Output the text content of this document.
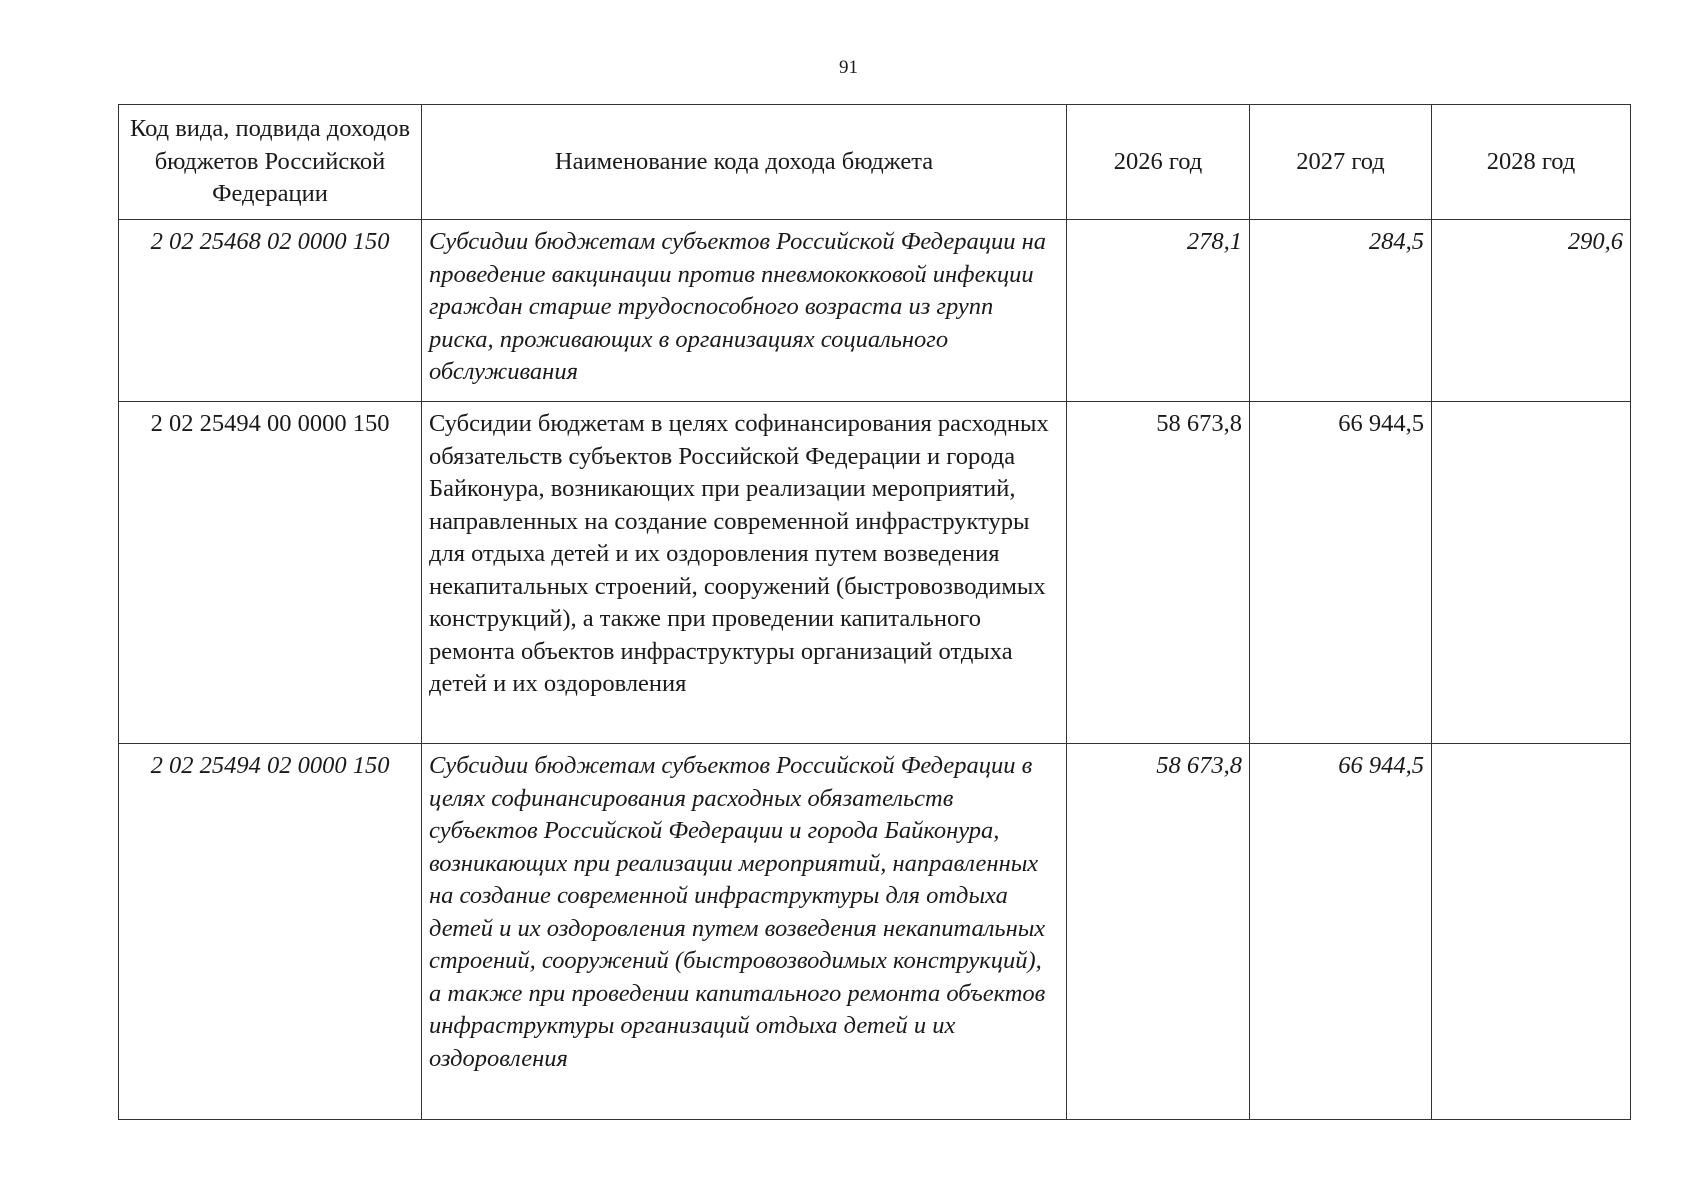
91
Код вида, подвида доходов бюджетов Российской Федерации	Наименование кода дохода бюджета	2026 год	2027 год	2028 год
2 02 25468 02 0000 150	Субсидии бюджетам субъектов Российской Федерации на проведение вакцинации против пневмококковой инфекции граждан старше трудоспособного возраста из групп риска, проживающих в организациях социального обслуживания	278,1	284,5	290,6
2 02 25494 00 0000 150	Субсидии бюджетам в целях софинансирования расходных обязательств субъектов Российской Федерации и города Байконура, возникающих при реализации мероприятий, направленных на создание современной инфраструктуры для отдыха детей и их оздоровления путем возведения некапитальных строений, сооружений (быстровозводимых конструкций), а также при проведении капитального ремонта объектов инфраструктуры организаций отдыха детей и их оздоровления	58 673,8	66 944,5	
2 02 25494 02 0000 150	Субсидии бюджетам субъектов Российской Федерации в целях софинансирования расходных обязательств субъектов Российской Федерации и города Байконура, возникающих при реализации мероприятий, направленных на создание современной инфраструктуры для отдыха детей и их оздоровления путем возведения некапитальных строений, сооружений (быстровозводимых конструкций), а также при проведении капитального ремонта объектов инфраструктуры организаций отдыха детей и их оздоровления	58 673,8	66 944,5	
